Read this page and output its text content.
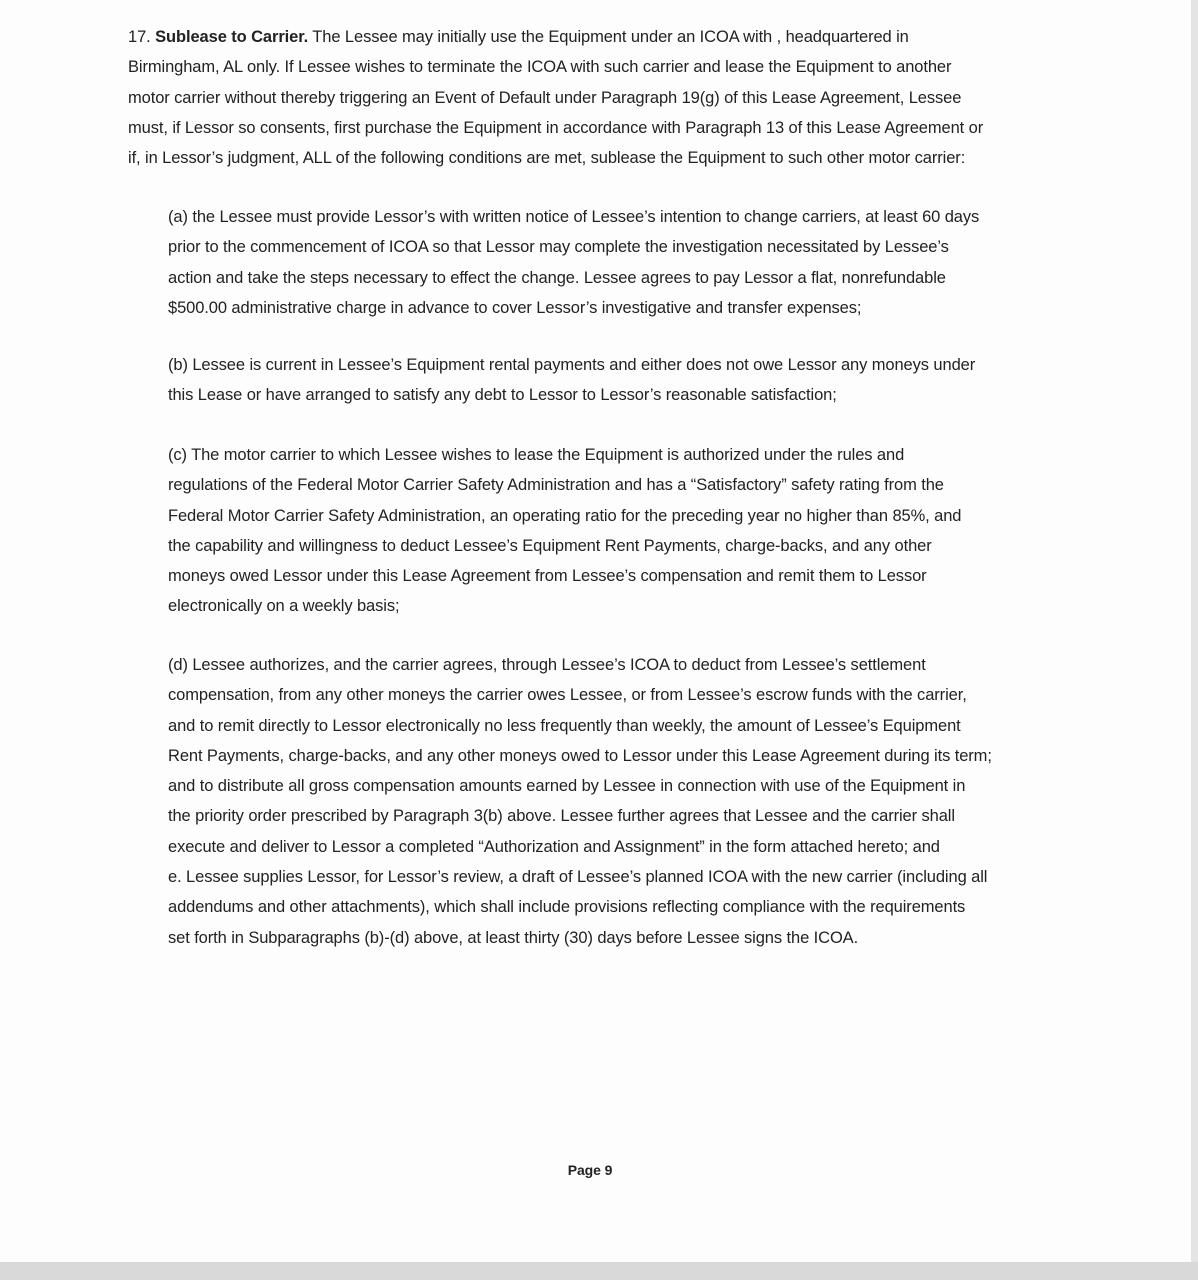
17. Sublease to Carrier. The Lessee may initially use the Equipment under an ICOA with , headquartered in
Birmingham, AL only. If Lessee wishes to terminate the ICOA with such carrier and lease the Equipment to another
motor carrier without thereby triggering an Event of Default under Paragraph 19(g) of this Lease Agreement, Lessee
must, if Lessor so consents, first purchase the Equipment in accordance with Paragraph 13 of this Lease Agreement or
if, in Lessor’s judgment, ALL of the following conditions are met, sublease the Equipment to such other motor carrier:
(a) the Lessee must provide Lessor’s with written notice of Lessee’s intention to change carriers, at least 60 days
prior to the commencement of ICOA so that Lessor may complete the investigation necessitated by Lessee’s
action and take the steps necessary to effect the change. Lessee agrees to pay Lessor a flat, nonrefundable
$500.00 administrative charge in advance to cover Lessor’s investigative and transfer expenses;
(b) Lessee is current in Lessee’s Equipment rental payments and either does not owe Lessor any moneys under
this Lease or have arranged to satisfy any debt to Lessor to Lessor’s reasonable satisfaction;
(c) The motor carrier to which Lessee wishes to lease the Equipment is authorized under the rules and
regulations of the Federal Motor Carrier Safety Administration and has a “Satisfactory” safety rating from the
Federal Motor Carrier Safety Administration, an operating ratio for the preceding year no higher than 85%, and
the capability and willingness to deduct Lessee’s Equipment Rent Payments, charge-backs, and any other
moneys owed Lessor under this Lease Agreement from Lessee’s compensation and remit them to Lessor
electronically on a weekly basis;
(d) Lessee authorizes, and the carrier agrees, through Lessee’s ICOA to deduct from Lessee’s settlement
compensation, from any other moneys the carrier owes Lessee, or from Lessee’s escrow funds with the carrier,
and to remit directly to Lessor electronically no less frequently than weekly, the amount of Lessee’s Equipment
Rent Payments, charge-backs, and any other moneys owed to Lessor under this Lease Agreement during its term;
and to distribute all gross compensation amounts earned by Lessee in connection with use of the Equipment in
the priority order prescribed by Paragraph 3(b) above. Lessee further agrees that Lessee and the carrier shall
execute and deliver to Lessor a completed “Authorization and Assignment” in the form attached hereto; and
e. Lessee supplies Lessor, for Lessor’s review, a draft of Lessee’s planned ICOA with the new carrier (including all
addendums and other attachments), which shall include provisions reflecting compliance with the requirements
set forth in Subparagraphs (b)-(d) above, at least thirty (30) days before Lessee signs the ICOA.
Page 9
